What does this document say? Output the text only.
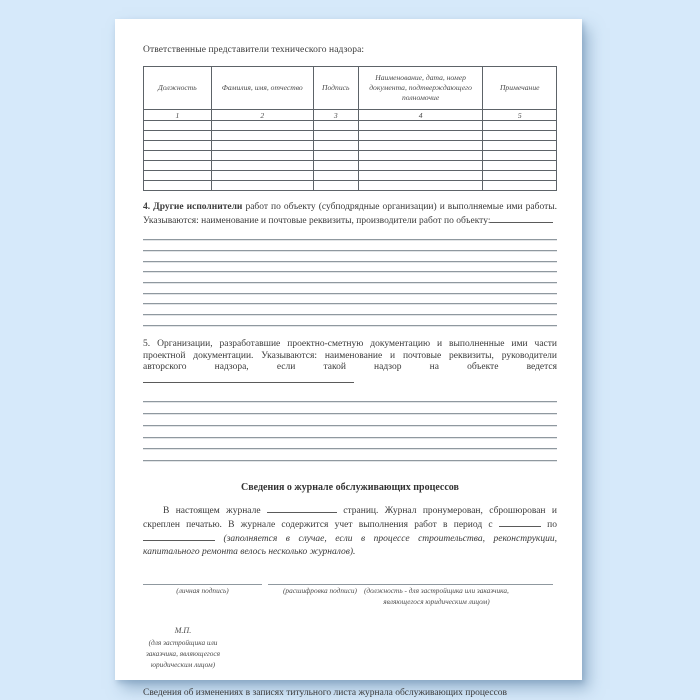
Ответственные представители технического надзора:
Должность	Фамилия, имя, отчество	Подпись	Наименование, дата, номер документа, подтверждающего полномочие	Примечание
1	2	3	4	5

4. Другие исполнители работ по объекту (субподрядные организации) и выполняемые ими работы. Указываются: наименование и почтовые реквизиты, производители работ по объекту:

5. Организации, разработавшие проектно-сметную документацию и выполненные ими части проектной документации. Указываются: наименование и почтовые реквизиты, руководители авторского надзора, если такой надзор на объекте ведется

Сведения о журнале обслуживающих процессов

В настоящем журнале	страниц. Журнал пронумерован, сброшюрован и скреплен печатью. В журнале содержится учет выполнения работ в период с	по (заполняется в случае, если в процессе строительства, реконструкции, капитального ремонта велось несколько журналов).

(личная подпись)	(расшифровка подписи) (должность - для застройщика или заказчика,
являющегося юридическим лицом)
М.П.
(для застройщика или
заказчика, являющегося
юридическим лицом)
Сведения об изменениях в записях титульного листа журнала обслуживающих процессов
